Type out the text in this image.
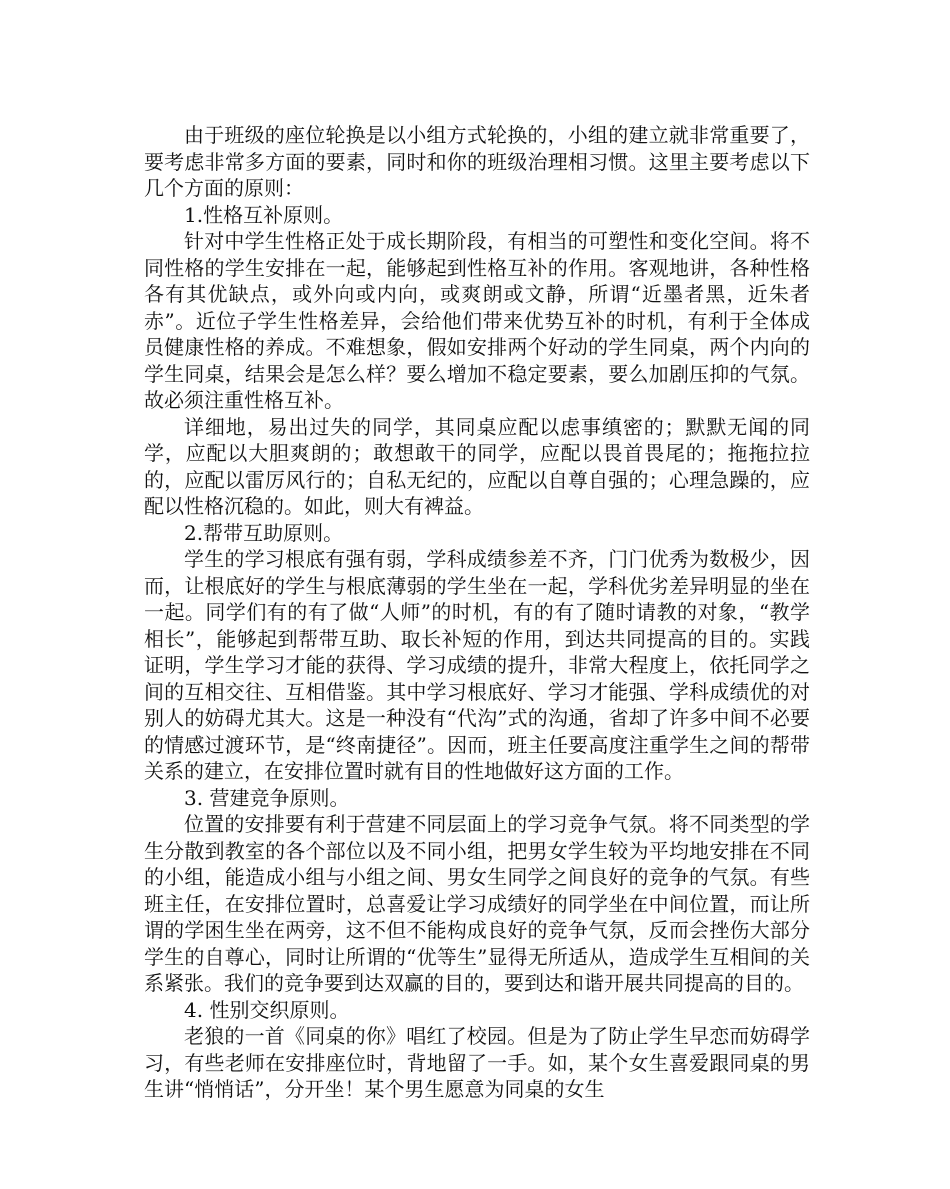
由于班级的座位轮换是以小组方式轮换的，小组的建立就非常重要了，要考虑非常多方面的要素，同时和你的班级治理相习惯。这里主要考虑以下几个方面的原则：

1.性格互补原则。

针对中学生性格正处于成长期阶段，有相当的可塑性和变化空间。将不同性格的学生安排在一起，能够起到性格互补的作用。客观地讲，各种性格各有其优缺点，或外向或内向，或爽朗或文静，所谓“近墨者黑，近朱者赤”。近位子学生性格差异，会给他们带来优势互补的时机，有利于全体成员健康性格的养成。不难想象，假如安排两个好动的学生同桌，两个内向的学生同桌，结果会是怎么样？要么增加不稳定要素，要么加剧压抑的气氛。故必须注重性格互补。

详细地，易出过失的同学，其同桌应配以虑事缜密的；默默无闻的同学，应配以大胆爽朗的；敢想敢干的同学，应配以畏首畏尾的；拖拖拉拉的，应配以雷厉风行的；自私无纪的，应配以自尊自强的；心理急躁的，应配以性格沉稳的。如此，则大有裨益。

2.帮带互助原则。

学生的学习根底有强有弱，学科成绩参差不齐，门门优秀为数极少，因而，让根底好的学生与根底薄弱的学生坐在一起，学科优劣差异明显的坐在一起。同学们有的有了做“人师”的时机，有的有了随时请教的对象，“教学相长”，能够起到帮带互助、取长补短的作用，到达共同提高的目的。实践证明，学生学习才能的获得、学习成绩的提升，非常大程度上，依托同学之间的互相交往、互相借鉴。其中学习根底好、学习才能强、学科成绩优的对别人的妨碍尤其大。这是一种没有“代沟”式的沟通，省却了许多中间不必要的情感过渡环节，是“终南捷径”。因而，班主任要高度注重学生之间的帮带关系的建立，在安排位置时就有目的性地做好这方面的工作。

3. 营建竞争原则。

位置的安排要有利于营建不同层面上的学习竞争气氛。将不同类型的学生分散到教室的各个部位以及不同小组，把男女学生较为平均地安排在不同的小组，能造成小组与小组之间、男女生同学之间良好的竞争的气氛。有些班主任，在安排位置时，总喜爱让学习成绩好的同学坐在中间位置，而让所谓的学困生坐在两旁，这不但不能构成良好的竞争气氛，反而会挫伤大部分学生的自尊心，同时让所谓的“优等生”显得无所适从，造成学生互相间的关系紧张。我们的竞争要到达双赢的目的，要到达和谐开展共同提高的目的。

4. 性别交织原则。

老狼的一首《同桌的你》唱红了校园。但是为了防止学生早恋而妨碍学习，有些老师在安排座位时，背地留了一手。如，某个女生喜爱跟同桌的男生讲“悄悄话”，分开坐！某个男生愿意为同桌的女生
